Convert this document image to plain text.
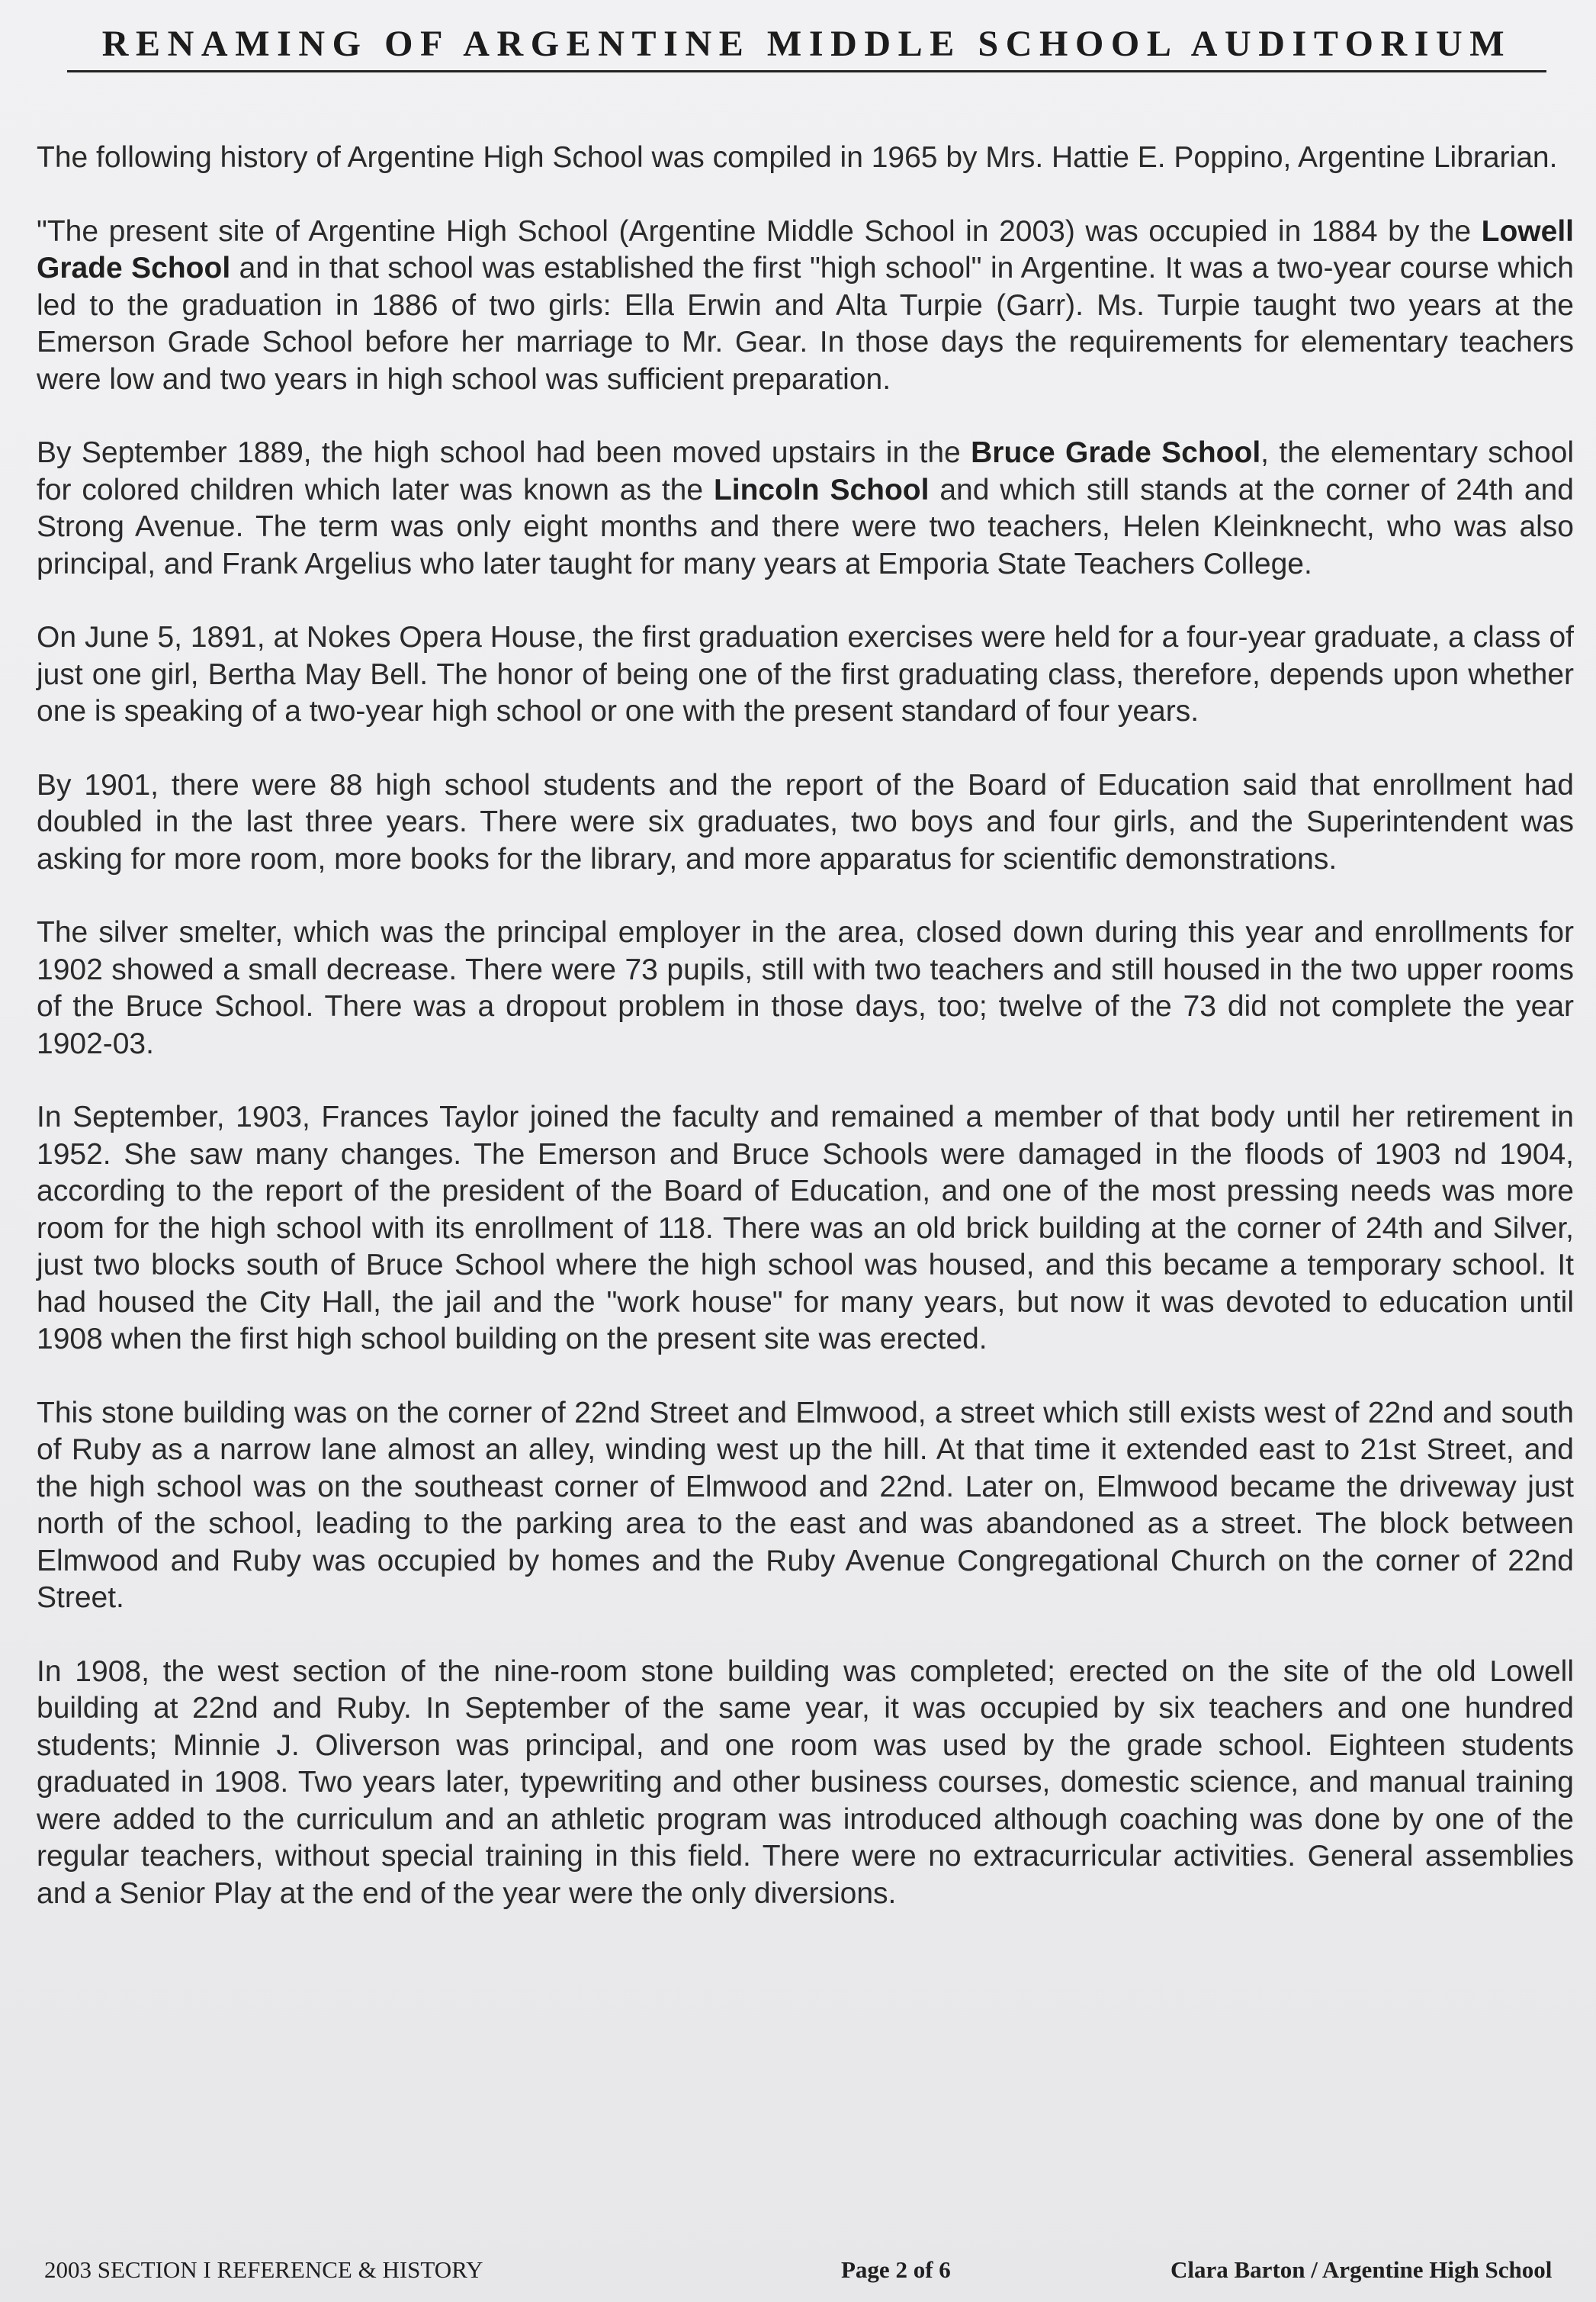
RENAMING OF ARGENTINE MIDDLE SCHOOL AUDITORIUM

The following history of Argentine High School was compiled in 1965 by Mrs. Hattie E. Poppino, Argentine Librarian.

"The present site of Argentine High School (Argentine Middle School in 2003) was occupied in 1884 by the Lowell Grade School and in that school was established the first "high school" in Argentine. It was a two-year course which led to the graduation in 1886 of two girls: Ella Erwin and Alta Turpie (Garr). Ms. Turpie taught two years at the Emerson Grade School before her marriage to Mr. Gear. In those days the requirements for elementary teachers were low and two years in high school was sufficient preparation.

By September 1889, the high school had been moved upstairs in the Bruce Grade School, the elementary school for colored children which later was known as the Lincoln School and which still stands at the corner of 24th and Strong Avenue. The term was only eight months and there were two teachers, Helen Kleinknecht, who was also principal, and Frank Argelius who later taught for many years at Emporia State Teachers College.

On June 5, 1891, at Nokes Opera House, the first graduation exercises were held for a four-year graduate, a class of just one girl, Bertha May Bell. The honor of being one of the first graduating class, therefore, depends upon whether one is speaking of a two-year high school or one with the present standard of four years.

By 1901, there were 88 high school students and the report of the Board of Education said that enrollment had doubled in the last three years. There were six graduates, two boys and four girls, and the Superintendent was asking for more room, more books for the library, and more apparatus for scientific demonstrations.

The silver smelter, which was the principal employer in the area, closed down during this year and enrollments for 1902 showed a small decrease. There were 73 pupils, still with two teachers and still housed in the two upper rooms of the Bruce School. There was a dropout problem in those days, too; twelve of the 73 did not complete the year 1902-03.

In September, 1903, Frances Taylor joined the faculty and remained a member of that body until her retirement in 1952. She saw many changes. The Emerson and Bruce Schools were damaged in the floods of 1903 nd 1904, according to the report of the president of the Board of Education, and one of the most pressing needs was more room for the high school with its enrollment of 118. There was an old brick building at the corner of 24th and Silver, just two blocks south of Bruce School where the high school was housed, and this became a temporary school. It had housed the City Hall, the jail and the "work house" for many years, but now it was devoted to education until 1908 when the first high school building on the present site was erected.

This stone building was on the corner of 22nd Street and Elmwood, a street which still exists west of 22nd and south of Ruby as a narrow lane almost an alley, winding west up the hill. At that time it extended east to 21st Street, and the high school was on the southeast corner of Elmwood and 22nd. Later on, Elmwood became the driveway just north of the school, leading to the parking area to the east and was abandoned as a street. The block between Elmwood and Ruby was occupied by homes and the Ruby Avenue Congregational Church on the corner of 22nd Street.

In 1908, the west section of the nine-room stone building was completed; erected on the site of the old Lowell building at 22nd and Ruby. In September of the same year, it was occupied by six teachers and one hundred students; Minnie J. Oliverson was principal, and one room was used by the grade school. Eighteen students graduated in 1908. Two years later, typewriting and other business courses, domestic science, and manual training were added to the curriculum and an athletic program was introduced although coaching was done by one of the regular teachers, without special training in this field. There were no extracurricular activities. General assemblies and a Senior Play at the end of the year were the only diversions.

2003 SECTION I REFERENCE & HISTORY	Page 2 of 6	Clara Barton / Argentine High School
